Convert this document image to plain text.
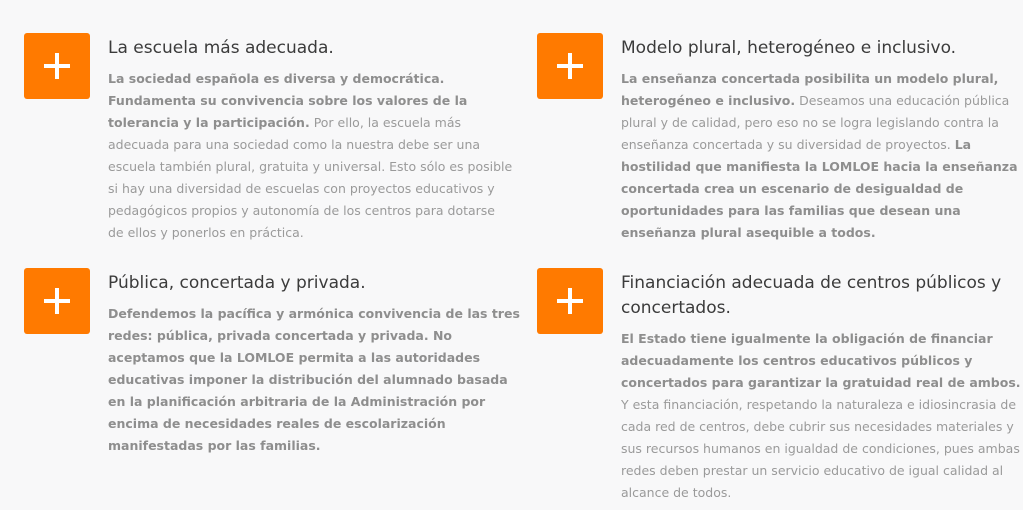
La escuela más adecuada.

La sociedad española es diversa y democrática. Fundamenta su convivencia sobre los valores de la tolerancia y la participación. Por ello, la escuela más adecuada para una sociedad como la nuestra debe ser una escuela también plural, gratuita y universal. Esto sólo es posible si hay una diversidad de escuelas con proyectos educativos y pedagógicos propios y autonomía de los centros para dotarse de ellos y ponerlos en práctica.

Modelo plural, heterogéneo e inclusivo.

La enseñanza concertada posibilita un modelo plural, heterogéneo e inclusivo. Deseamos una educación pública plural y de calidad, pero eso no se logra legislando contra la enseñanza concertada y su diversidad de proyectos. La hostilidad que manifiesta la LOMLOE hacia la enseñanza concertada crea un escenario de desigualdad de oportunidades para las familias que desean una enseñanza plural asequible a todos.

Pública, concertada y privada.

Defendemos la pacífica y armónica convivencia de las tres redes: pública, privada concertada y privada. No aceptamos que la LOMLOE permita a las autoridades educativas imponer la distribución del alumnado basada en la planificación arbitraria de la Administración por encima de necesidades reales de escolarización manifestadas por las familias.

Financiación adecuada de centros públicos y concertados.

El Estado tiene igualmente la obligación de financiar adecuadamente los centros educativos públicos y concertados para garantizar la gratuidad real de ambos. Y esta financiación, respetando la naturaleza e idiosincrasia de cada red de centros, debe cubrir sus necesidades materiales y sus recursos humanos en igualdad de condiciones, pues ambas redes deben prestar un servicio educativo de igual calidad al alcance de todos.
